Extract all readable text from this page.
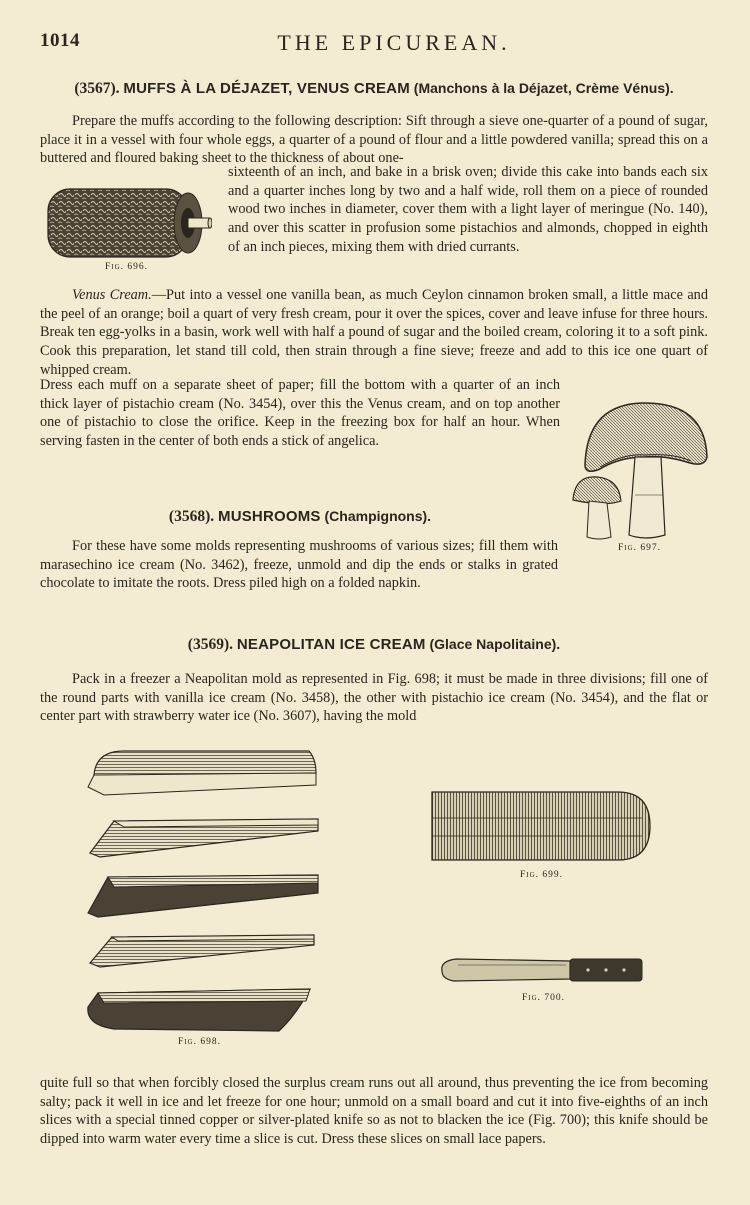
1014	THE EPICUREAN.
(3567). MUFFS À LA DÉJAZET, VENUS CREAM (Manchons à la Déjazet, Crème Vénus).

Prepare the muffs according to the following description: Sift through a sieve one-quarter of a pound of sugar, place it in a vessel with four whole eggs, a quarter of a pound of flour and a little powdered vanilla; spread this on a buttered and floured baking sheet to the thickness of about one-

Fig. 696.

sixteenth of an inch, and bake in a brisk oven; divide this cake into bands each six and a quarter inches long by two and a half wide, roll them on a piece of rounded wood two inches in diameter, cover them with a light layer of meringue (No. 140), and over this scatter in profusion some pistachios and almonds, chopped in eighth of an inch pieces, mixing them with dried currants.

Venus Cream.—Put into a vessel one vanilla bean, as much Ceylon cinnamon broken small, a little mace and the peel of an orange; boil a quart of very fresh cream, pour it over the spices, cover and leave infuse for three hours. Break ten egg-yolks in a basin, work well with half a pound of sugar and the boiled cream, coloring it to a soft pink. Cook this preparation, let stand till cold, then strain through a fine sieve; freeze and add to this ice one quart of whipped cream.

Dress each muff on a separate sheet of paper; fill the bottom with a quarter of an inch thick layer of pistachio cream (No. 3454), over this the Venus cream, and on top another one of pistachio to close the orifice. Keep in the freezing box for half an hour. When serving fasten in the center of both ends a stick of angelica.

Fig. 697.
(3568). MUSHROOMS (Champignons).

For these have some molds representing mushrooms of various sizes; fill them with marasechino ice cream (No. 3462), freeze, unmold and dip the ends or stalks in grated chocolate to imitate the roots. Dress piled high on a folded napkin.

(3569). NEAPOLITAN ICE CREAM (Glace Napolitaine).

Pack in a freezer a Neapolitan mold as represented in Fig. 698; it must be made in three divisions; fill one of the round parts with vanilla ice cream (No. 3458), the other with pistachio ice cream (No. 3454), and the flat or center part with strawberry water ice (No. 3607), having the mold

Fig. 698.
Fig. 699.
Fig. 700.

quite full so that when forcibly closed the surplus cream runs out all around, thus preventing the ice from becoming salty; pack it well in ice and let freeze for one hour; unmold on a small board and cut it into five-eighths of an inch slices with a special tinned copper or silver-plated knife so as not to blacken the ice (Fig. 700); this knife should be dipped into warm water every time a slice is cut. Dress these slices on small lace papers.
